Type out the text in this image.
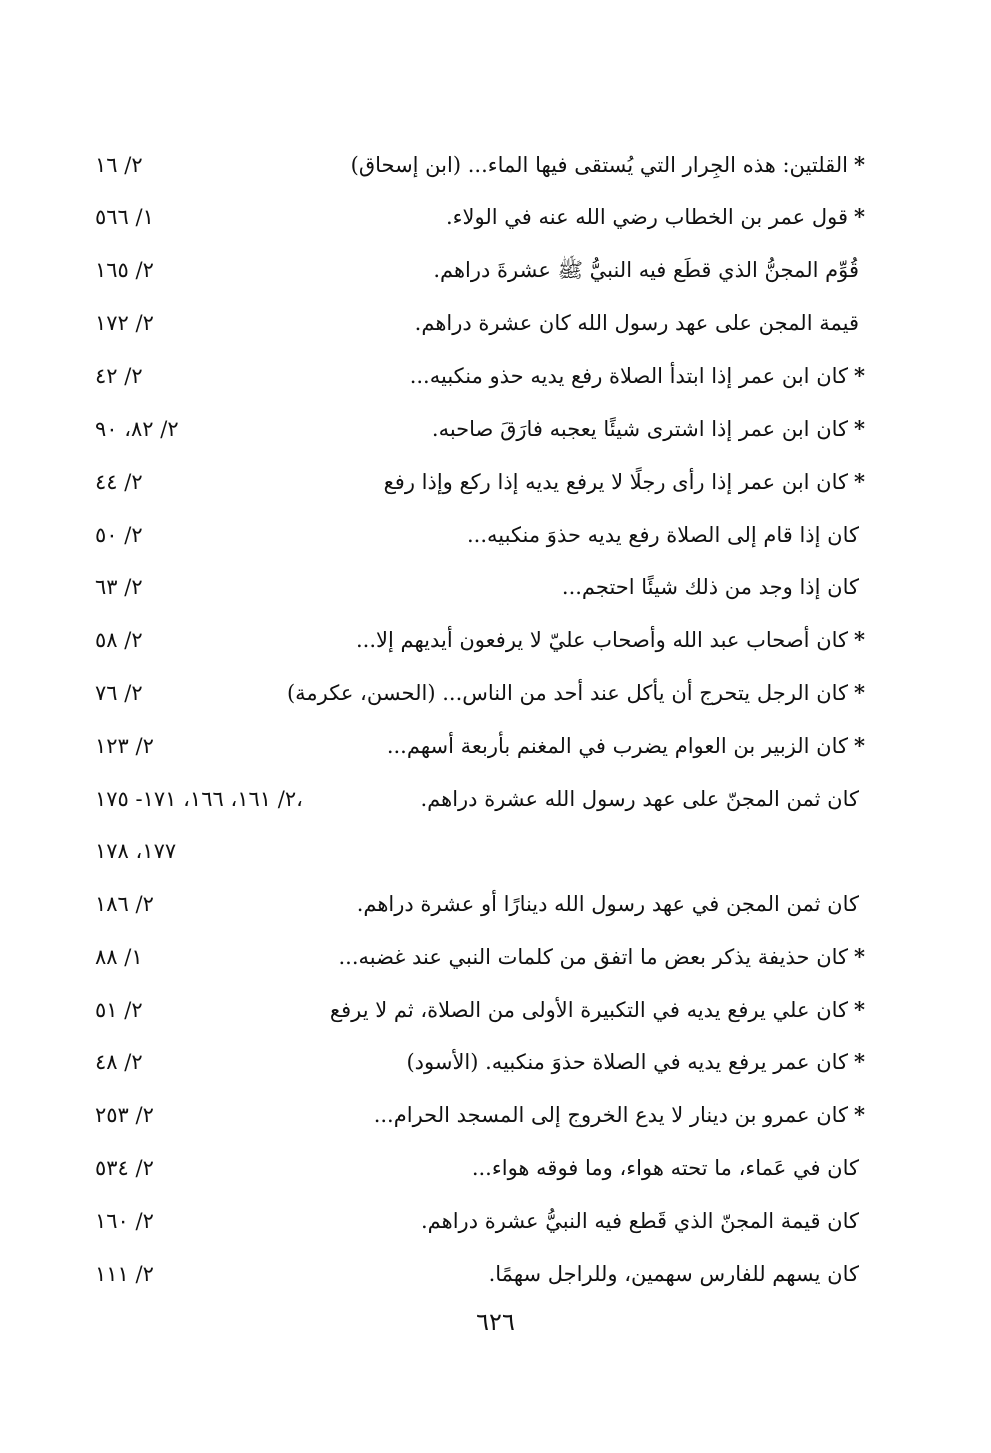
*القلتين: هذه الجِرار التي يُستقى فيها الماء... (ابن إسحاق)
٢/ ١٦
*قول عمر بن الخطاب رضي الله عنه في الولاء.
١/ ٥٦٦
قُوِّم المجنُّ الذي قطَع فيه النبيُّ ﷺ عشرةَ دراهم.
٢/ ١٦٥
قيمة المجن على عهد رسول الله كان عشرة دراهم.
٢/ ١٧٢
*كان ابن عمر إذا ابتدأ الصلاة رفع يديه حذو منكبيه...
٢/ ٤٢
*كان ابن عمر إذا اشترى شيئًا يعجبه فارَقَ صاحبه.
٢/ ٨٢، ٩٠
*كان ابن عمر إذا رأى رجلًا لا يرفع يديه إذا ركع وإذا رفع
٢/ ٤٤
كان إذا قام إلى الصلاة رفع يديه حذوَ منكبيه...
٢/ ٥٠
كان إذا وجد من ذلك شيئًا احتجم...
٢/ ٦٣
*كان أصحاب عبد الله وأصحاب عليّ لا يرفعون أيديهم إلا...
٢/ ٥٨
*كان الرجل يتحرج أن يأكل عند أحد من الناس... (الحسن، عكرمة)
٢/ ٧٦
*كان الزبير بن العوام يضرب في المغنم بأربعة أسهم...
٢/ ١٢٣
كان ثمن المجنّ على عهد رسول الله عشرة دراهم.
٢/ ١٦١، ١٦٦، ١٧١- ١٧٥،
١٧٧، ١٧٨
كان ثمن المجن في عهد رسول الله دينارًا أو عشرة دراهم.
٢/ ١٨٦
*كان حذيفة يذكر بعض ما اتفق من كلمات النبي عند غضبه...
١/ ٨٨
*كان علي يرفع يديه في التكبيرة الأولى من الصلاة، ثم لا يرفع
٢/ ٥١
*كان عمر يرفع يديه في الصلاة حذوَ منكبيه. (الأسود)
٢/ ٤٨
*كان عمرو بن دينار لا يدع الخروج إلى المسجد الحرام...
٢/ ٢٥٣
كان في عَماء، ما تحته هواء، وما فوقه هواء...
٢/ ٥٣٤
كان قيمة المجنّ الذي قَطع فيه النبيُّ عشرة دراهم.
٢/ ١٦٠
كان يسهم للفارس سهمين، وللراجل سهمًا.
٢/ ١١١
٦٢٦
